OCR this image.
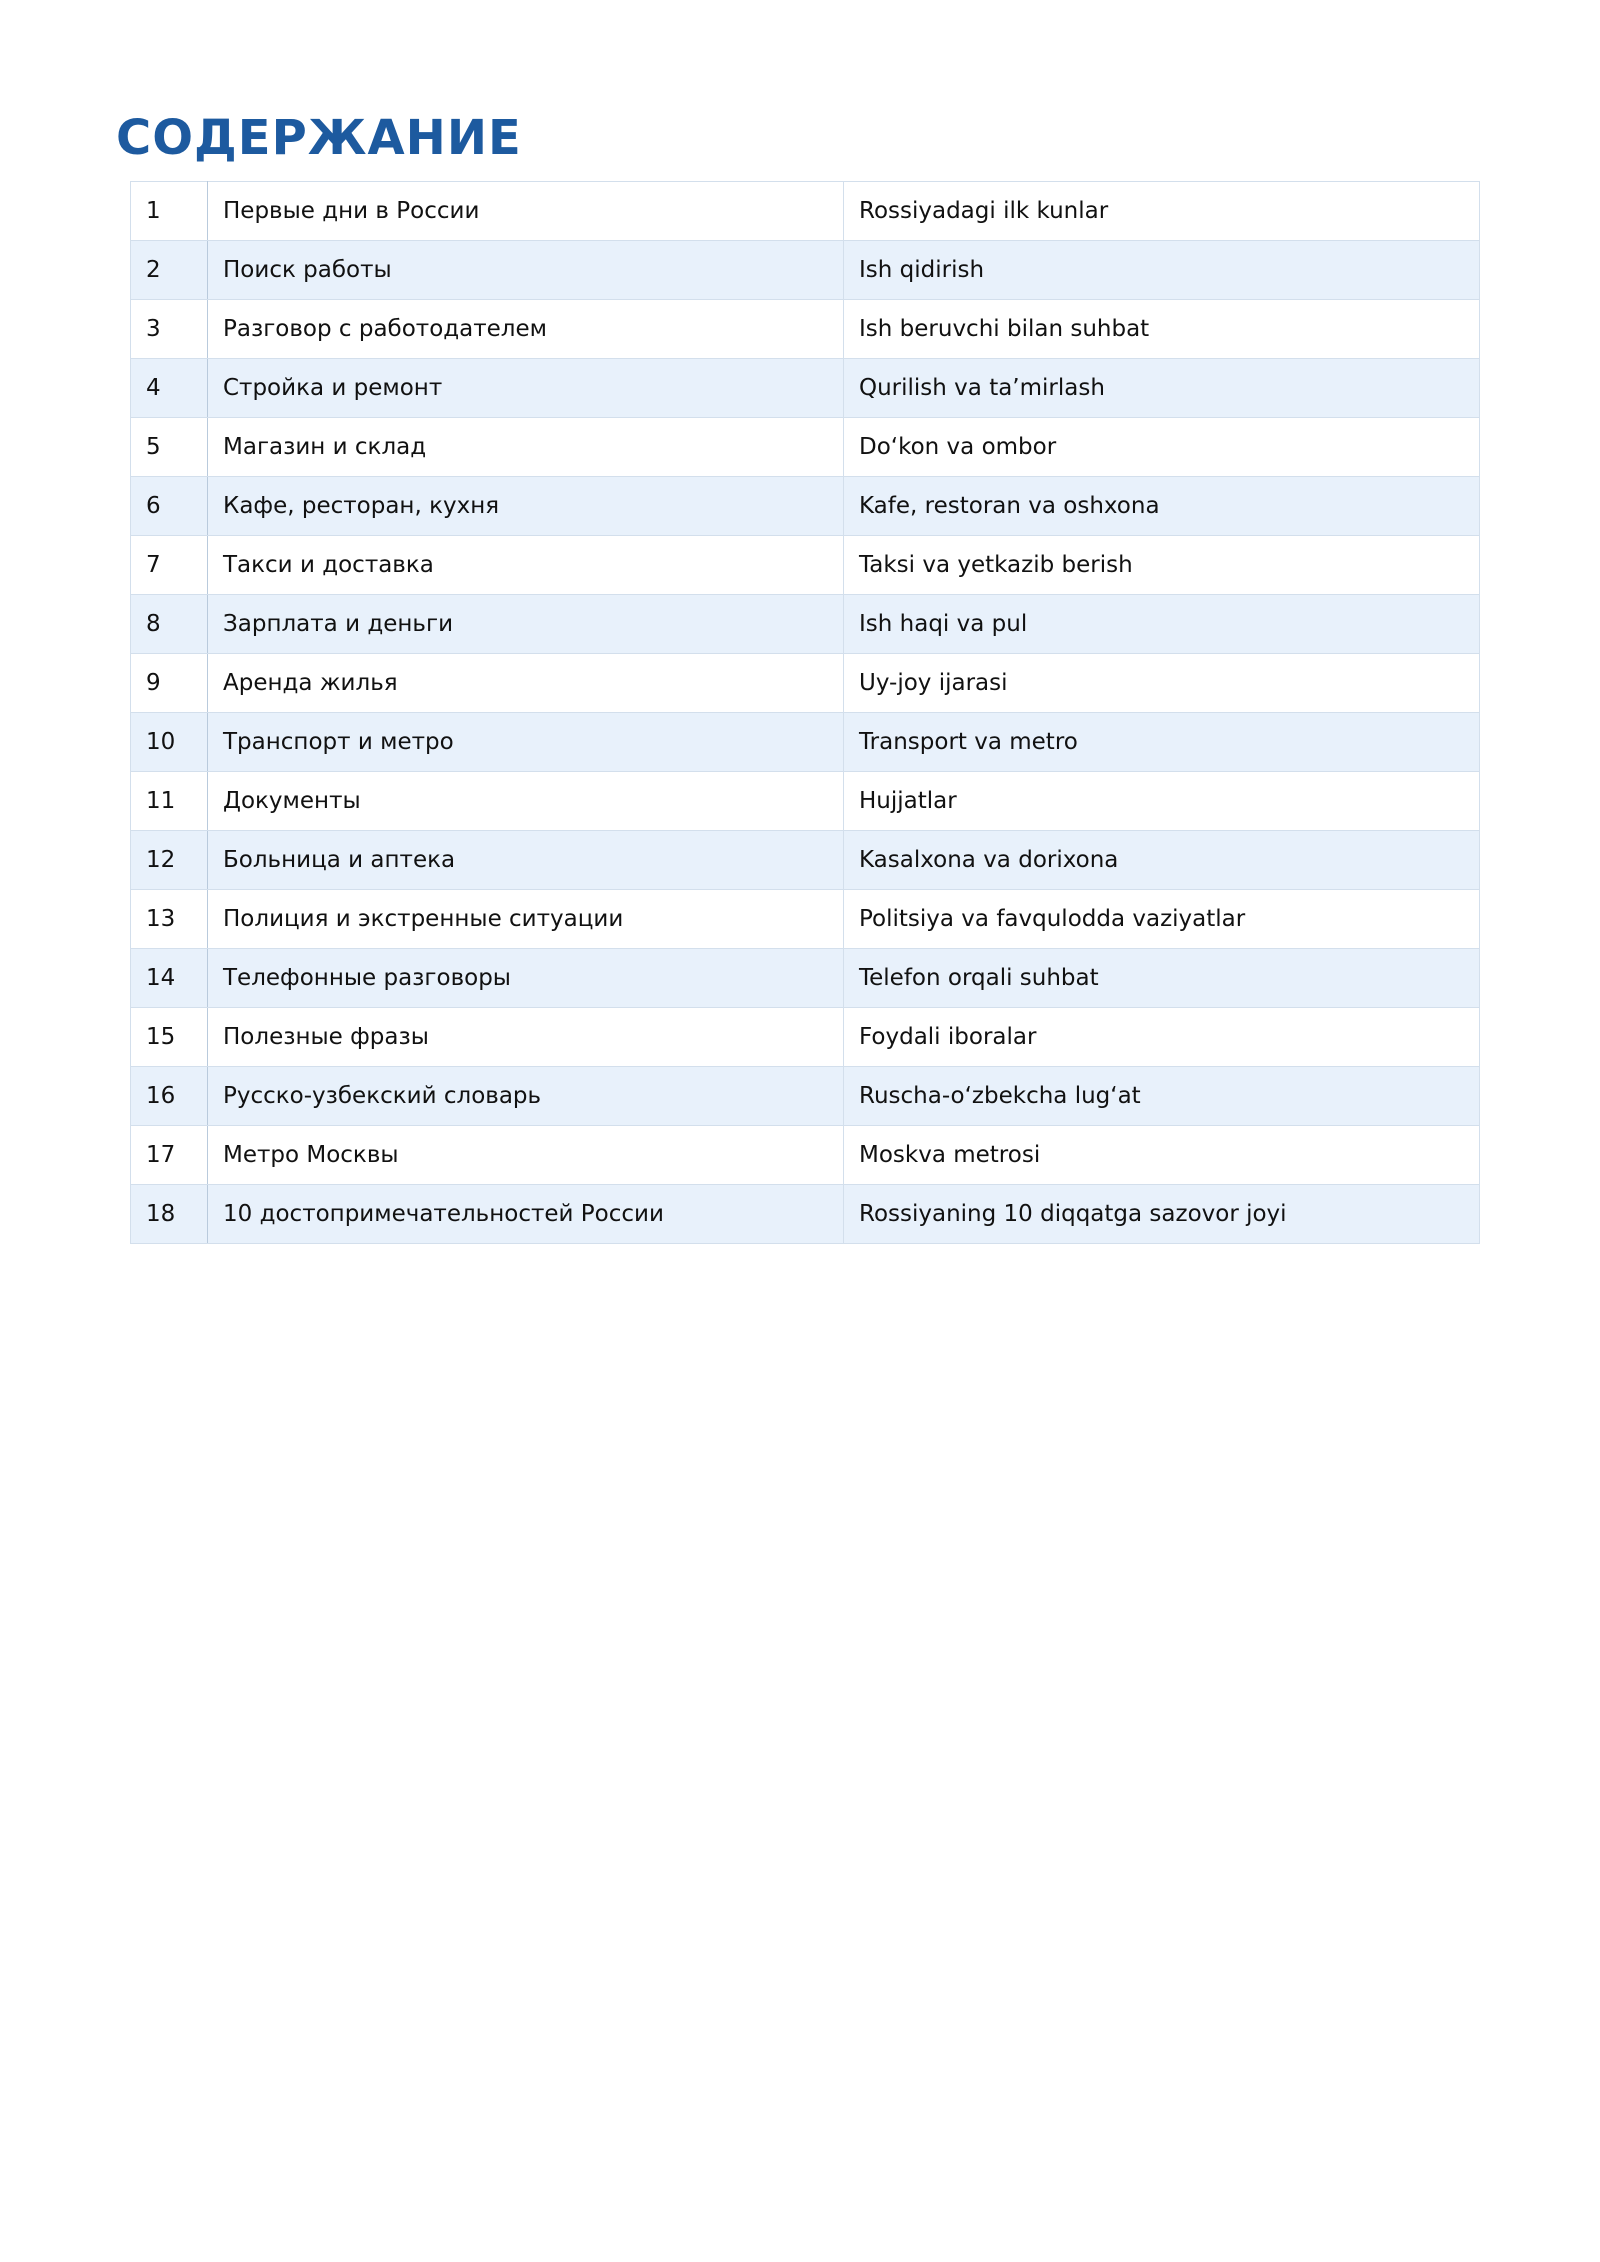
СОДЕРЖАНИЕ
1	Первые дни в России	Rossiyadagi ilk kunlar
2	Поиск работы	Ish qidirish
3	Разговор с работодателем	Ish beruvchi bilan suhbat
4	Стройка и ремонт	Qurilish va ta’mirlash
5	Магазин и склад	Do‘kon va ombor
6	Кафе, ресторан, кухня	Kafe, restoran va oshxona
7	Такси и доставка	Taksi va yetkazib berish
8	Зарплата и деньги	Ish haqi va pul
9	Аренда жилья	Uy-joy ijarasi
10	Транспорт и метро	Transport va metro
11	Документы	Hujjatlar
12	Больница и аптека	Kasalxona va dorixona
13	Полиция и экстренные ситуации	Politsiya va favqulodda vaziyatlar
14	Телефонные разговоры	Telefon orqali suhbat
15	Полезные фразы	Foydali iboralar
16	Русско-узбекский словарь	Ruscha-o‘zbekcha lug‘at
17	Метро Москвы	Moskva metrosi
18	10 достопримечательностей России	Rossiyaning 10 diqqatga sazovor joyi
